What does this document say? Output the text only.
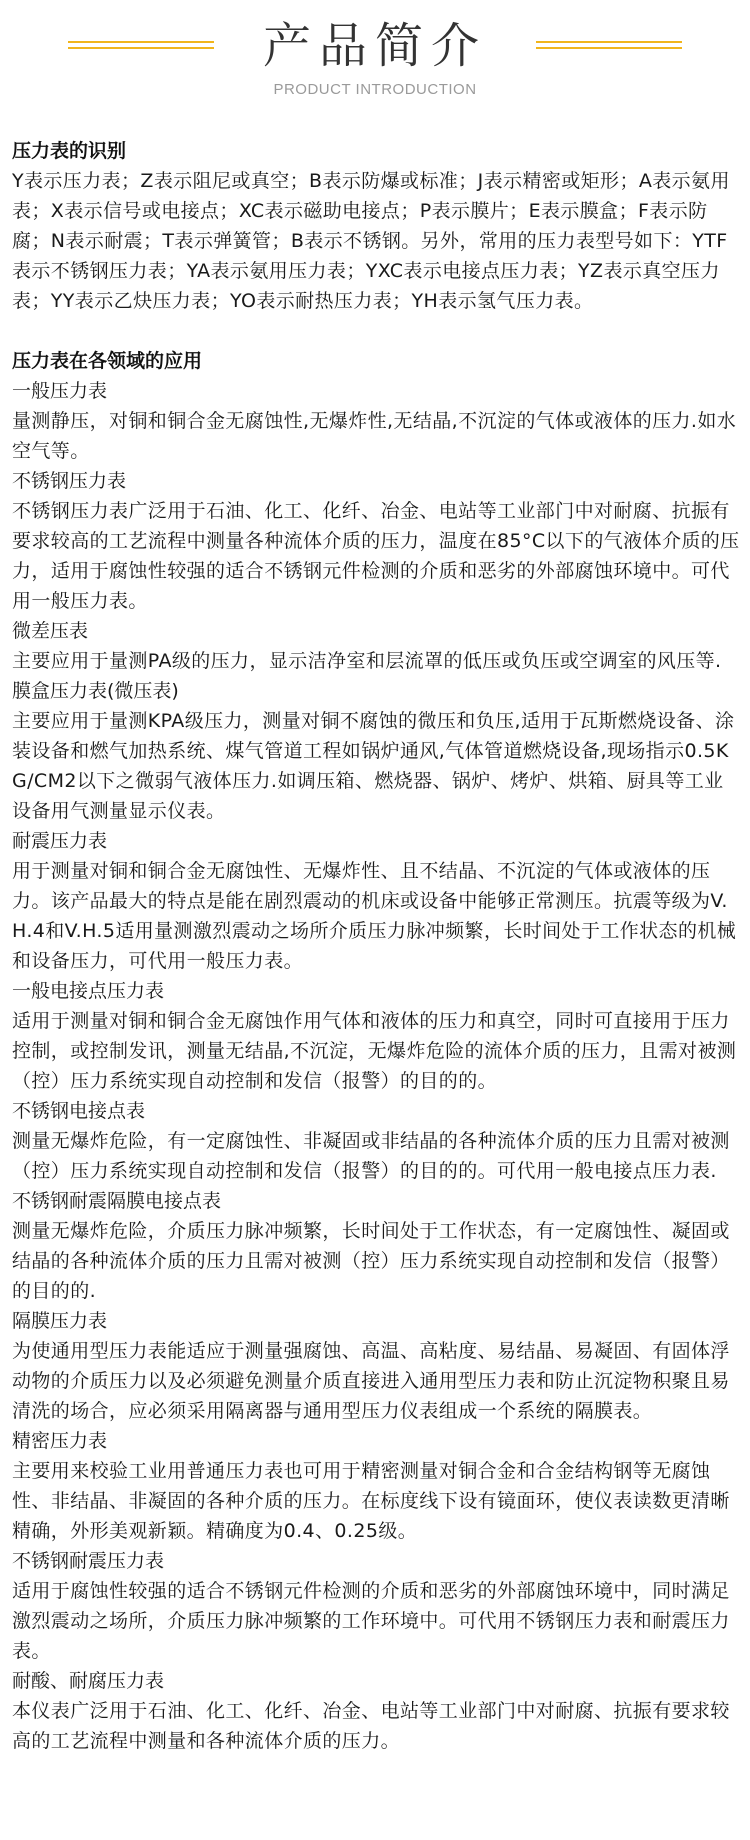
产品简介
PRODUCT INTRODUCTION
压力表的识别
Y表示压力表；Z表示阻尼或真空；B表示防爆或标准；J表示精密或矩形；A表示氨用表；X表示信号或电接点；XC表示磁助电接点；P表示膜片；E表示膜盒；F表示防腐；N表示耐震；T表示弹簧管；B表示不锈钢。另外，常用的压力表型号如下：YTF表示不锈钢压力表；YA表示氨用压力表；YXC表示电接点压力表；YZ表示真空压力表；YY表示乙炔压力表；YO表示耐热压力表；YH表示氢气压力表。
压力表在各领域的应用
一般压力表
量测静压，对铜和铜合金无腐蚀性,无爆炸性,无结晶,不沉淀的气体或液体的压力.如水空气等。
不锈钢压力表
不锈钢压力表广泛用于石油、化工、化纤、冶金、电站等工业部门中对耐腐、抗振有要求较高的工艺流程中测量各种流体介质的压力，温度在85°C以下的气液体介质的压力，适用于腐蚀性较强的适合不锈钢元件检测的介质和恶劣的外部腐蚀环境中。可代用一般压力表。
微差压表
主要应用于量测PA级的压力，显示洁净室和层流罩的低压或负压或空调室的风压等.
膜盒压力表(微压表)
主要应用于量测KPA级压力，测量对铜不腐蚀的微压和负压,适用于瓦斯燃烧设备、涂装设备和燃气加热系统、煤气管道工程如锅炉通风,气体管道燃烧设备,现场指示0.5KG/CM2以下之微弱气液体压力.如调压箱、燃烧器、锅炉、烤炉、烘箱、厨具等工业设备用气测量显示仪表。
耐震压力表
用于测量对铜和铜合金无腐蚀性、无爆炸性、且不结晶、不沉淀的气体或液体的压力。该产品最大的特点是能在剧烈震动的机床或设备中能够正常测压。抗震等级为V.H.4和V.H.5适用量测激烈震动之场所介质压力脉冲频繁，长时间处于工作状态的机械和设备压力，可代用一般压力表。
一般电接点压力表
适用于测量对铜和铜合金无腐蚀作用气体和液体的压力和真空，同时可直接用于压力控制，或控制发讯，测量无结晶,不沉淀，无爆炸危险的流体介质的压力，且需对被测（控）压力系统实现自动控制和发信（报警）的目的的。
不锈钢电接点表
测量无爆炸危险，有一定腐蚀性、非凝固或非结晶的各种流体介质的压力且需对被测（控）压力系统实现自动控制和发信（报警）的目的的。可代用一般电接点压力表.
不锈钢耐震隔膜电接点表
测量无爆炸危险，介质压力脉冲频繁，长时间处于工作状态，有一定腐蚀性、凝固或结晶的各种流体介质的压力且需对被测（控）压力系统实现自动控制和发信（报警）的目的的.
隔膜压力表
为使通用型压力表能适应于测量强腐蚀、高温、高粘度、易结晶、易凝固、有固体浮动物的介质压力以及必须避免测量介质直接进入通用型压力表和防止沉淀物积聚且易清洗的场合，应必须采用隔离器与通用型压力仪表组成一个系统的隔膜表。
精密压力表
主要用来校验工业用普通压力表也可用于精密测量对铜合金和合金结构钢等无腐蚀性、非结晶、非凝固的各种介质的压力。在标度线下设有镜面环，使仪表读数更清晰精确，外形美观新颖。精确度为0.4、0.25级。
不锈钢耐震压力表
适用于腐蚀性较强的适合不锈钢元件检测的介质和恶劣的外部腐蚀环境中，同时满足激烈震动之场所，介质压力脉冲频繁的工作环境中。可代用不锈钢压力表和耐震压力表。
耐酸、耐腐压力表
本仪表广泛用于石油、化工、化纤、冶金、电站等工业部门中对耐腐、抗振有要求较高的工艺流程中测量和各种流体介质的压力。
